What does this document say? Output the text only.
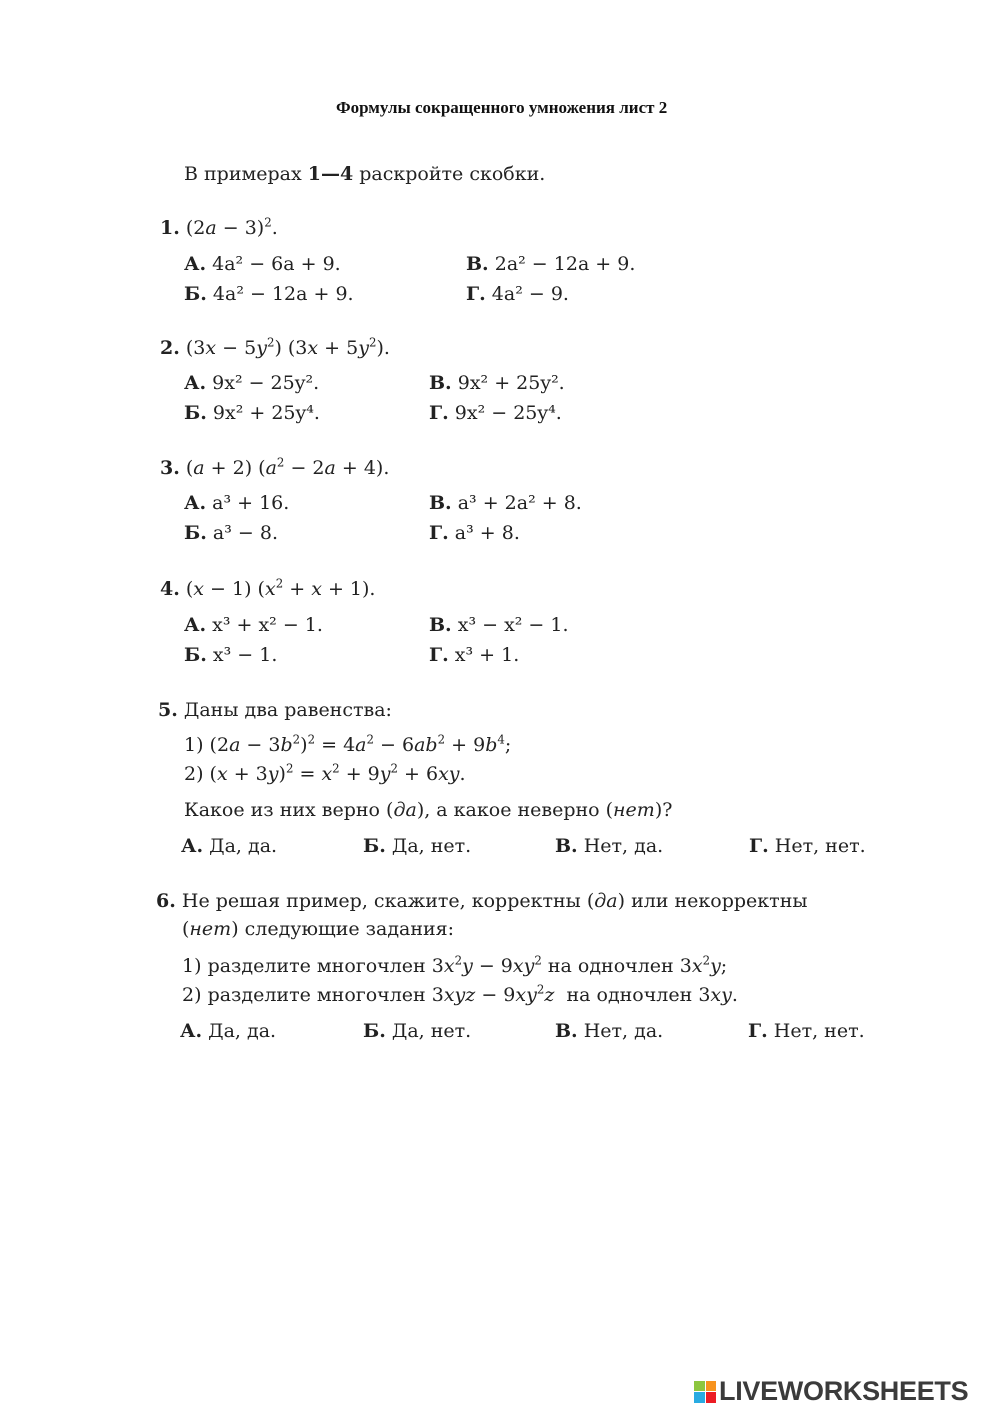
Формулы сокращенного умножения лист 2
В примерах 1—4 раскройте скобки.
1. $(2a - 3)^2$.
А. 4a² − 6a + 9.
Б. 4a² − 12a + 9.
В. 2a² − 12a + 9.
Г. 4a² − 9.
2. $(3x - 5y^2)$ $(3x + 5y^2)$.
А. 9x² − 25y².
Б. 9x² + 25y⁴.
В. 9x² + 25y².
Г. 9x² − 25y⁴.
3. (a + 2) $(a^2 - 2a + 4)$.
А. a³ + 16.
Б. a³ − 8.
В. a³ + 2a² + 8.
Г. a³ + 8.
4. (x − 1) $(x^2 + x + 1)$.
А. x³ + x² − 1.
Б. x³ − 1.
В. x³ − x² − 1.
Г. x³ + 1.
5. Даны два равенства:
1) $(2a - 3b^2)^2 = 4a^2 - 6ab^2 + 9b^4$;
2) $(x + 3y)^2 = x^2 + 9y^2 + 6xy$.
Какое из них верно (да), а какое неверно (нет)?
А. Да, да.	Б. Да, нет.	В. Нет, да.	Г. Нет, нет.
6. Не решая пример, скажите, корректны (да) или некорректны
(нет) следующие задания:
1) разделите многочлен $3x^2y - 9xy^2$ на одночлен $3x^2y$;
2) разделите многочлен $3xyz - 9xy^2z$ на одночлен 3xy.
А. Да, да.	Б. Да, нет.	В. Нет, да.	Г. Нет, нет.
LIVEWORKSHEETS
